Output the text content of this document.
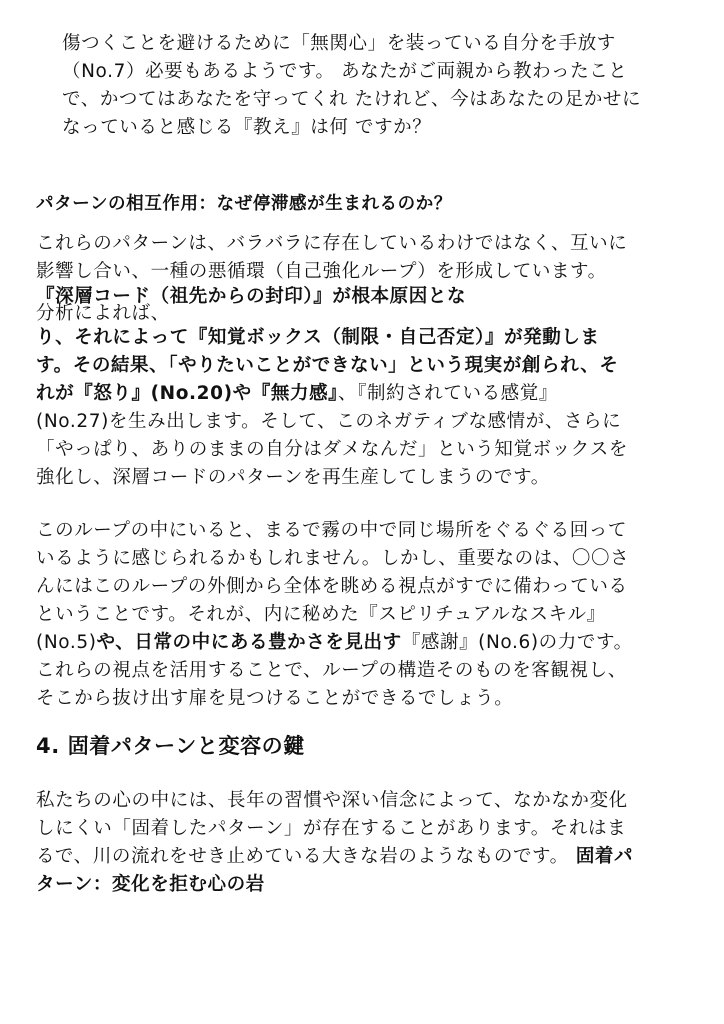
傷つくことを避けるために「無関心」を装っている自分を手放す
（No.7）必要もあるようです。 あなたがご両親から教わったこと
で、かつてはあなたを守ってくれ たけれど、今はあなたの足かせに
なっていると感じる『教え』は何 ですか？
パターンの相互作用：なぜ停滞感が生まれるのか？
これらのパターンは、バラバラに存在しているわけではなく、互いに
影響し合い、一種の悪循環（自己強化ループ）を形成しています。
『深層コード（祖先からの封印）』が根本原因とな
分析によれば、
り、それによって『知覚ボックス（制限・自己否定）』が発動しま
す。その結果、「やりたいことができない」という現実が創られ、そ
れが『怒り』(No.20)や『無力感』、『制約されている感覚』
(No.27)を生み出します。そして、このネガティブな感情が、さらに
「やっぱり、ありのままの自分はダメなんだ」という知覚ボックスを
強化し、深層コードのパターンを再生産してしまうのです。
このループの中にいると、まるで霧の中で同じ場所をぐるぐる回って
いるように感じられるかもしれません。しかし、重要なのは、〇〇さ
んにはこのループの外側から全体を眺める視点がすでに備わっている
ということです。それが、内に秘めた『スピリチュアルなスキル』
(No.5)や、日常の中にある豊かさを見出す『感謝』(No.6)の力です。
これらの視点を活用することで、ループの構造そのものを客観視し、
そこから抜け出す扉を見つけることができるでしょう。
4. 固着パターンと変容の鍵
私たちの心の中には、長年の習慣や深い信念によって、なかなか変化
しにくい「固着したパターン」が存在することがあります。それはま
るで、川の流れをせき止めている大きな岩のようなものです。 固着パ
ターン：変化を拒む心の岩
